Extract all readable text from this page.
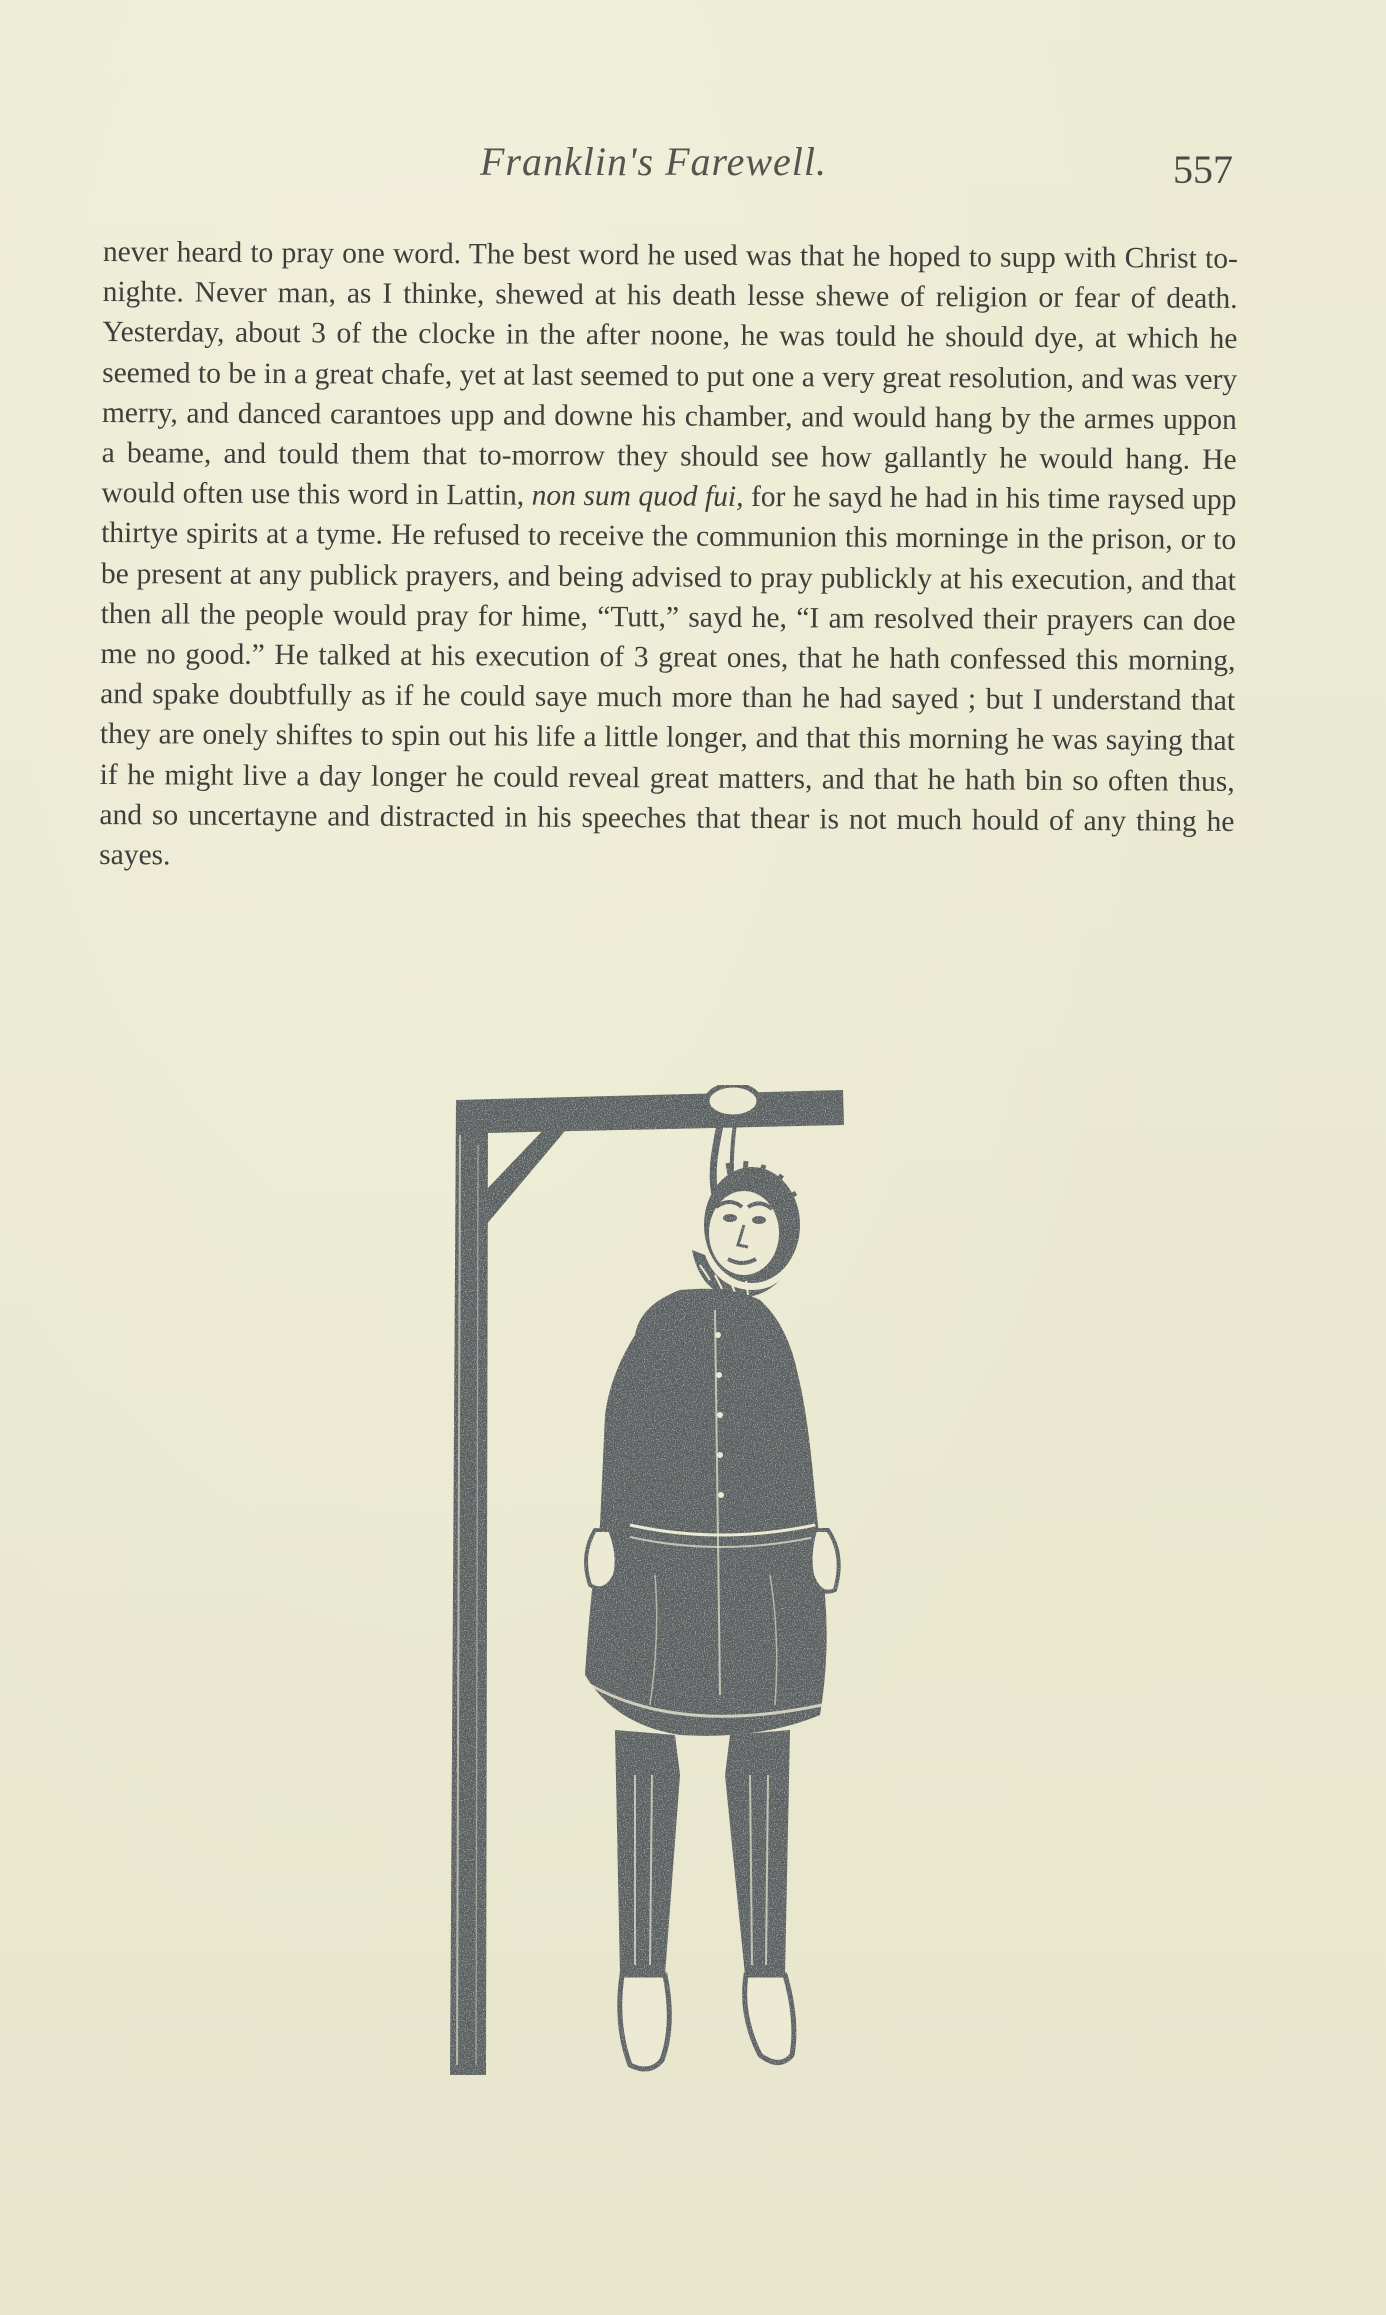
Franklin's Farewell.	557

never heard to pray one word. The best word he used was that he hoped to supp with Christ to-nighte. Never man, as I thinke, shewed at his death lesse shewe of religion or fear of death. Yesterday, about 3 of the clocke in the after noone, he was tould he should dye, at which he seemed to be in a great chafe, yet at last seemed to put one a very great resolution, and was very merry, and danced carantoes upp and downe his chamber, and would hang by the armes uppon a beame, and tould them that to-morrow they should see how gallantly he would hang. He would often use this word in Lattin, non sum quod fui, for he sayd he had in his time raysed upp thirtye spirits at a tyme. He refused to receive the communion this morninge in the prison, or to be present at any publick prayers, and being advised to pray publickly at his execution, and that then all the people would pray for hime, “Tutt,” sayd he, “I am resolved their prayers can doe me no good.” He talked at his execution of 3 great ones, that he hath confessed this morning, and spake doubtfully as if he could saye much more than he had sayed ; but I understand that they are onely shiftes to spin out his life a little longer, and that this morning he was saying that if he might live a day longer he could reveal great matters, and that he hath bin so often thus, and so uncertayne and distracted in his speeches that thear is not much hould of any thing he sayes.
